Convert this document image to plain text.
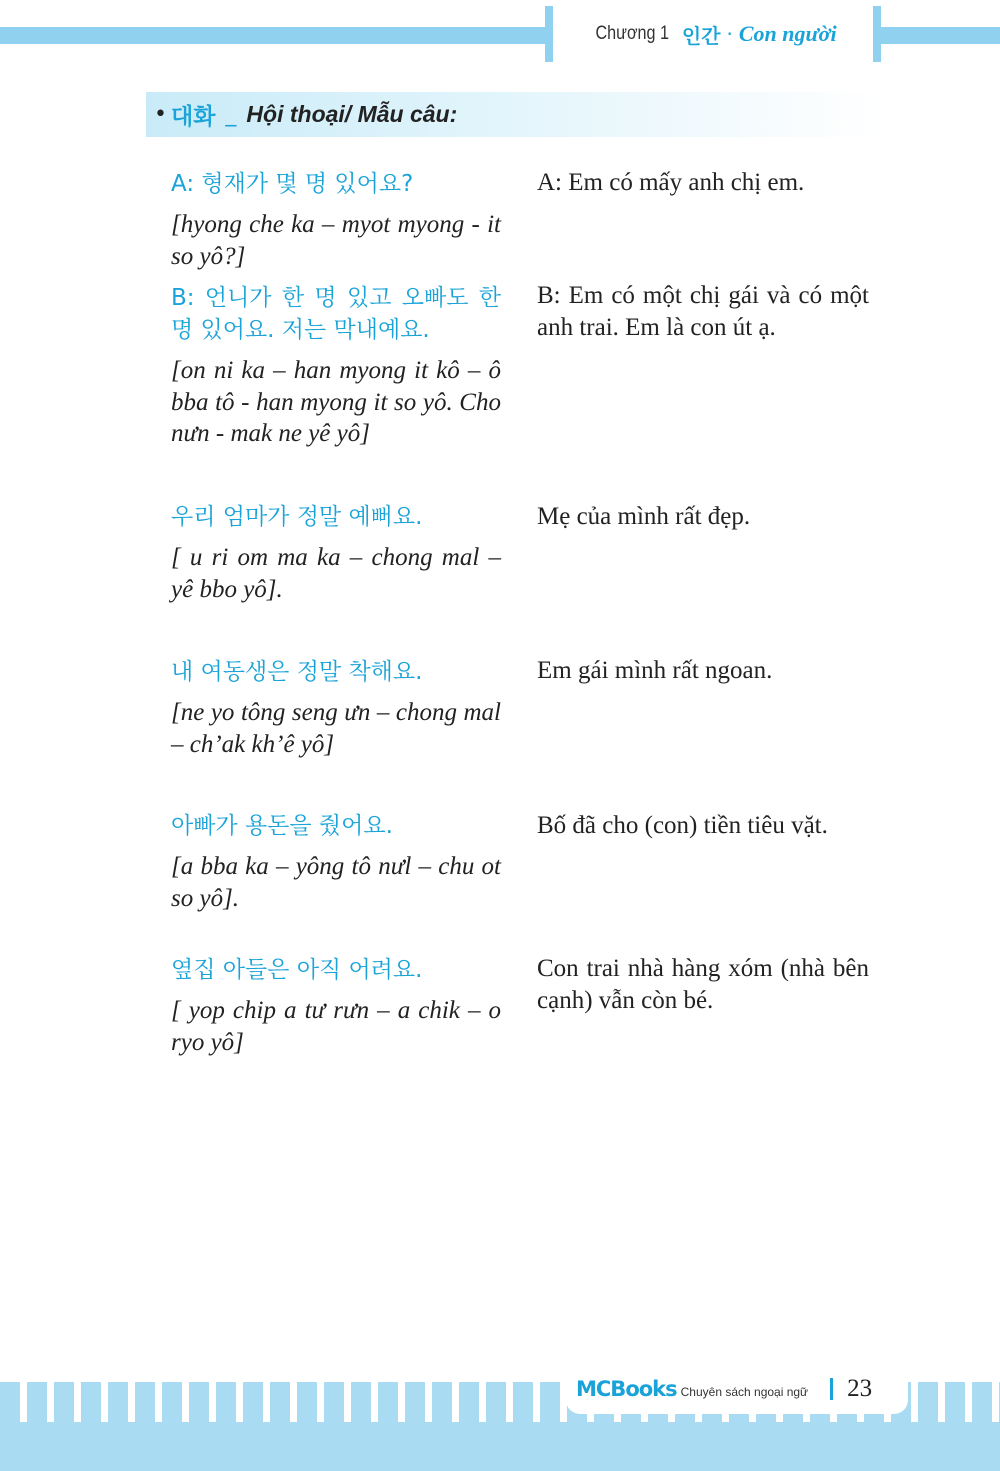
Chương 1 인간 · Con người
• 대화 _ Hội thoại/ Mẫu câu:

A: 형재가 몇 명 있어요?

[hyong che ka – myot myong - it so yô?]

A: Em có mấy anh chị em.

B: 언니가 한 명 있고 오빠도 한 명 있어요. 저는 막내예요.

[on ni ka – han myong it kô – ô bba tô - han myong it so yô. Cho nưn - mak ne yê yô]

B: Em có một chị gái và có một anh trai. Em là con út ạ.

우리 엄마가 정말 예뻐요.

[ u ri om ma ka – chong mal – yê bbo yô].

Mẹ của mình rất đẹp.

내 여동생은 정말 착해요.

[ne yo tông seng ưn – chong mal – ch’ak kh’ê yô]

Em gái mình rất ngoan.

아빠가 용돈을 줬어요.

[a bba ka – yông tô nưl – chu ot so yô].

Bố đã cho (con) tiền tiêu vặt.

옆집 아들은 아직 어려요.

[ yop chip a tư rưn – a chik – o ryo yô]

Con trai nhà hàng xóm (nhà bên cạnh) vẫn còn bé.

MCBooks Chuyên sách ngoại ngữ 23
